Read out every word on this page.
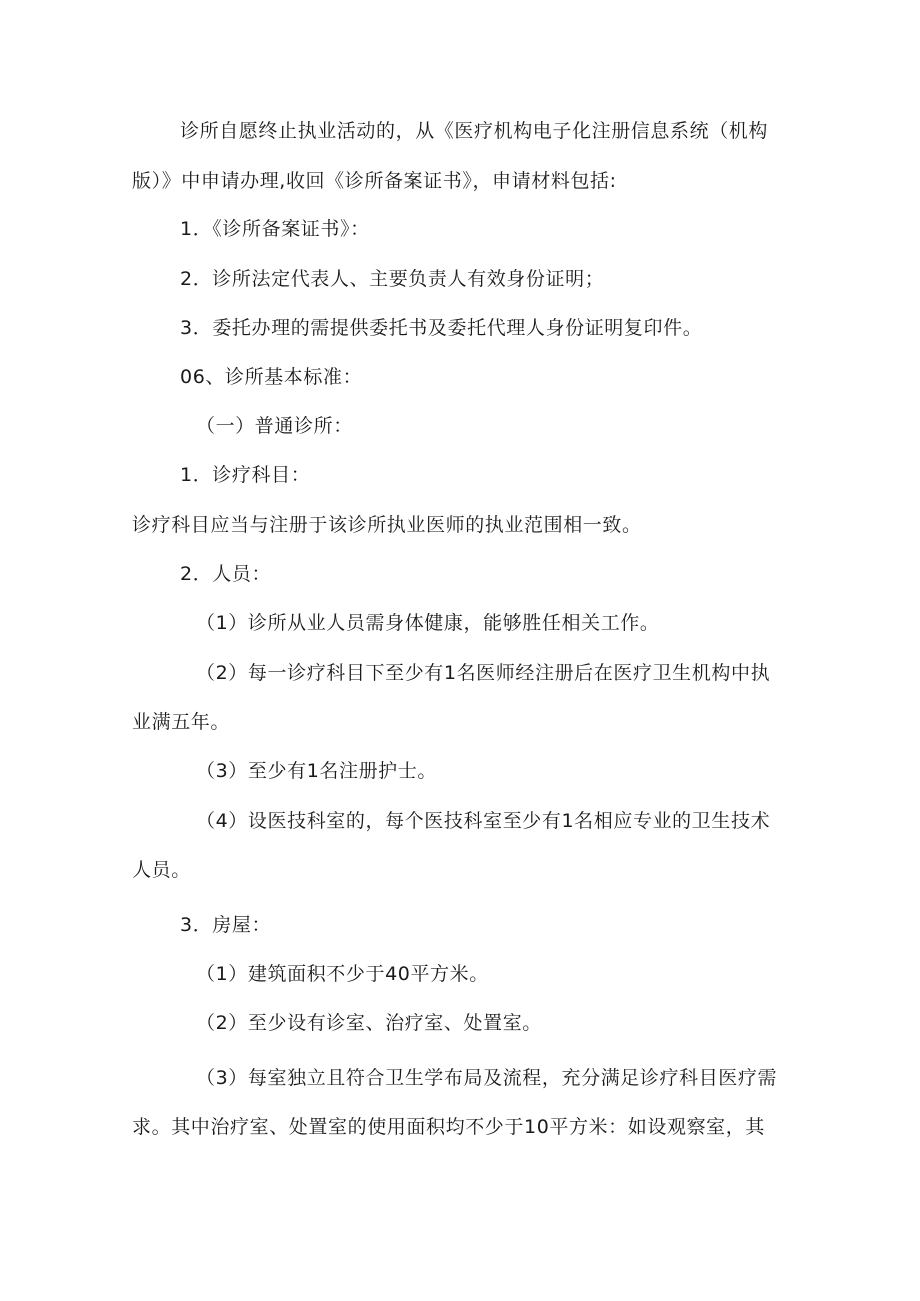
诊所自愿终止执业活动的，从《医疗机构电子化注册信息系统（机构
版）》中申请办理,收回《诊所备案证书》，申请材料包括:
1．《诊所备案证书》：
2．诊所法定代表人、主要负责人有效身份证明；
3．委托办理的需提供委托书及委托代理人身份证明复印件。
06、诊所基本标准：
（一）普通诊所：
1．诊疗科目：
诊疗科目应当与注册于该诊所执业医师的执业范围相一致。
2．人员：
（1）诊所从业人员需身体健康，能够胜任相关工作。
（2）每一诊疗科目下至少有1名医师经注册后在医疗卫生机构中执
业满五年。
（3）至少有1名注册护士。
（4）设医技科室的，每个医技科室至少有1名相应专业的卫生技术
人员。
3．房屋：
（1）建筑面积不少于40平方米。
（2）至少设有诊室、治疗室、处置室。
（3）每室独立且符合卫生学布局及流程，充分满足诊疗科目医疗需
求。其中治疗室、处置室的使用面积均不少于10平方米：如设观察室，其
